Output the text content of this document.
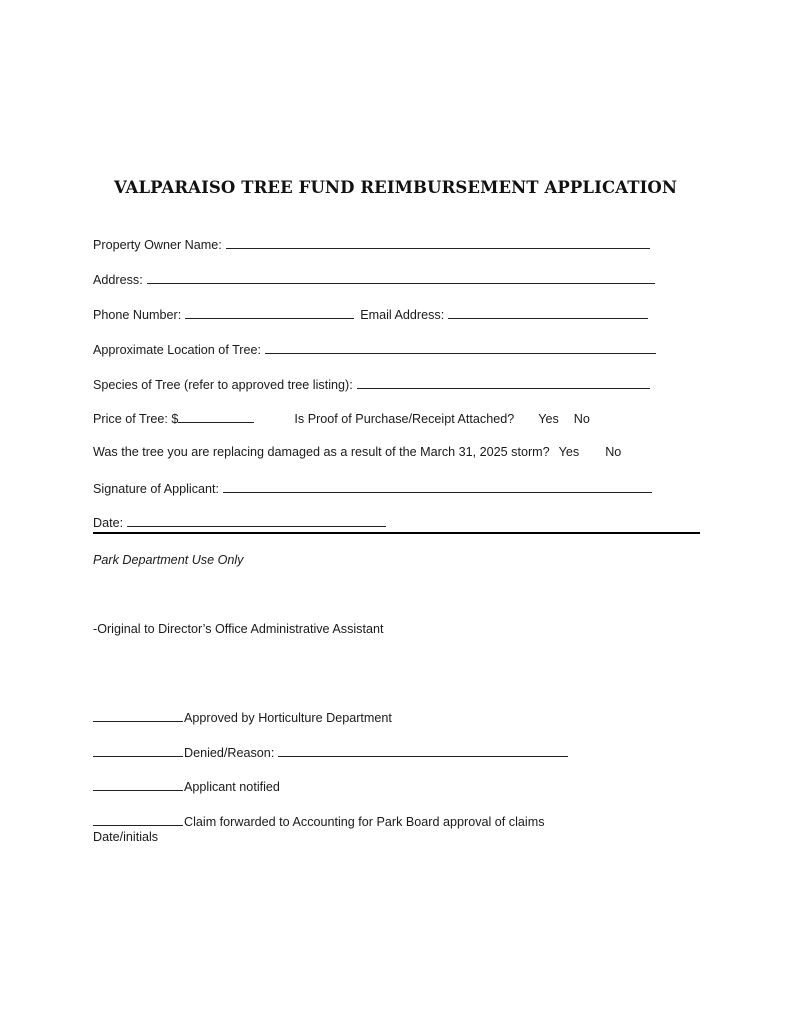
VALPARAISO TREE FUND REIMBURSEMENT APPLICATION
Property Owner Name:
Address:
Phone Number:	Email Address:
Approximate Location of Tree:
Species of Tree (refer to approved tree listing):
Price of Tree: $	Is Proof of Purchase/Receipt Attached? Yes No
Was the tree you are replacing damaged as a result of the March 31, 2025 storm? Yes No
Signature of Applicant:
Date:
Park Department Use Only
-Original to Director’s Office Administrative Assistant
Approved by Horticulture Department
Denied/Reason:
Applicant notified
Claim forwarded to Accounting for Park Board approval of claims
Date/initials
